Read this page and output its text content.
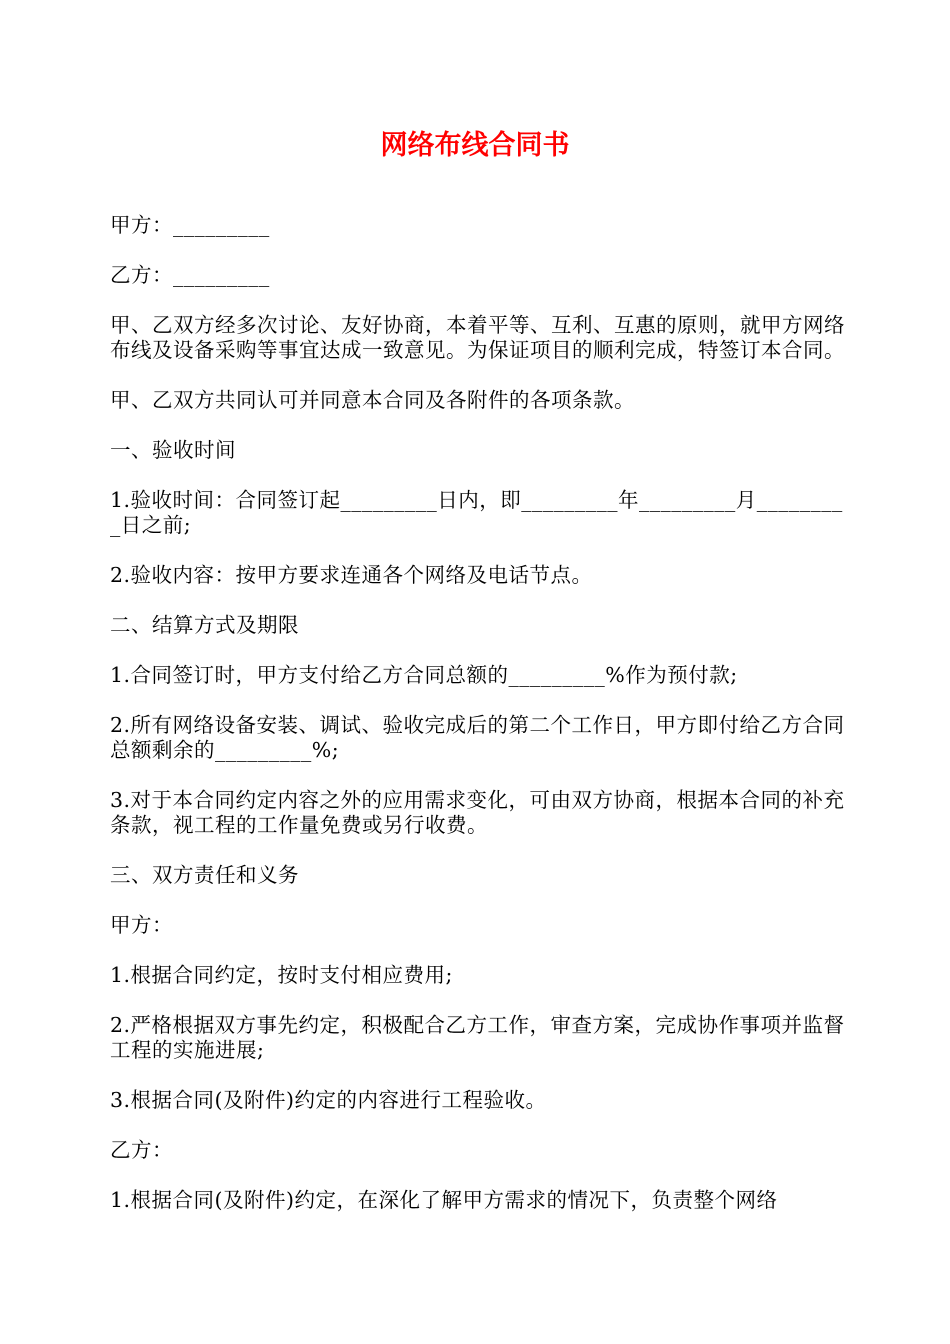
网络布线合同书

甲方：_________

乙方：_________

甲、乙双方经多次讨论、友好协商，本着平等、互利、互惠的原则，就甲方网络布线及设备采购等事宜达成一致意见。为保证项目的顺利完成，特签订本合同。

甲、乙双方共同认可并同意本合同及各附件的各项条款。

一、验收时间

1.验收时间：合同签订起_________日内，即_________年_________月_________日之前;

2.验收内容：按甲方要求连通各个网络及电话节点。

二、结算方式及期限

1.合同签订时，甲方支付给乙方合同总额的_________%作为预付款;

2.所有网络设备安装、调试、验收完成后的第二个工作日，甲方即付给乙方合同总额剩余的_________%;

3.对于本合同约定内容之外的应用需求变化，可由双方协商，根据本合同的补充条款，视工程的工作量免费或另行收费。

三、双方责任和义务

甲方：

1.根据合同约定，按时支付相应费用;

2.严格根据双方事先约定，积极配合乙方工作，审查方案，完成协作事项并监督工程的实施进展;

3.根据合同(及附件)约定的内容进行工程验收。

乙方：

1.根据合同(及附件)约定，在深化了解甲方需求的情况下，负责整个网络
